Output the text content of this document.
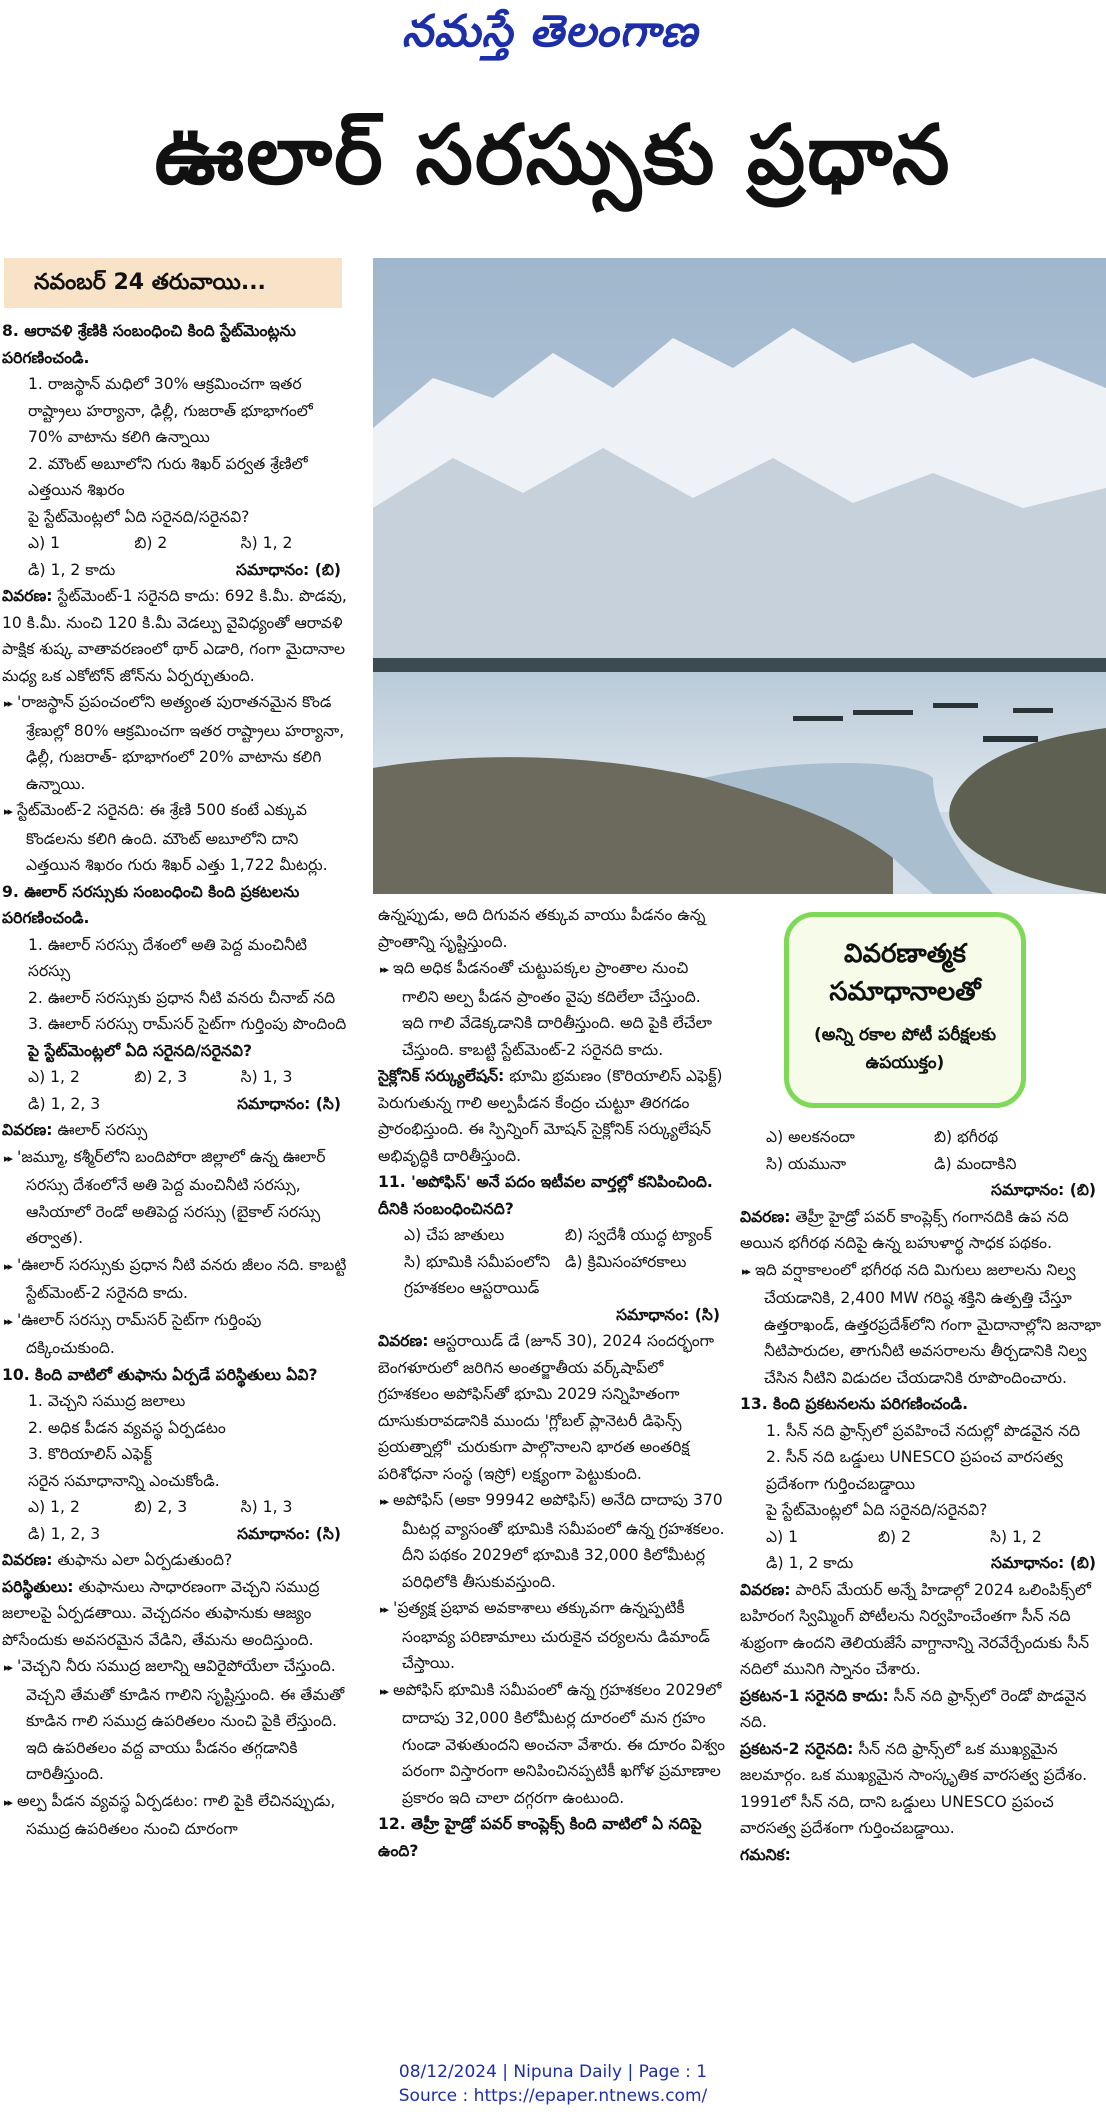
నమస్తే తెలంగాణ
ఊలార్ సరస్సుకు ప్రధాన
నవంబర్ 24 తరువాయి...

8. ఆరావళి శ్రేణికి సంబంధించి కింది స్టేట్‌మెంట్లను పరిగణించండి.

1. రాజస్థాన్ మధిలో 30% ఆక్రమించగా ఇతర రాష్ట్రాలు హర్యానా, ఢిల్లీ, గుజరాత్ భూభాగంలో 70% వాటాను కలిగి ఉన్నాయి

2. మౌంట్ అబూలోని గురు శిఖర్ పర్వత శ్రేణిలో ఎత్తయిన శిఖరం

పై స్టేట్‌మెంట్లలో ఏది సరైనది/సరైనవి?

ఎ) 1	బి) 2	సి) 1, 2
డి) 1, 2 కాదు	సమాధానం: (బి)

వివరణ: స్టేట్‌మెంట్-1 సరైనది కాదు: 692 కి.మీ. పొడవు, 10 కి.మీ. నుంచి 120 కి.మీ వెడల్పు వైవిధ్యంతో ఆరావళి పాక్షిక శుష్క వాతావరణంలో థార్ ఎడారి, గంగా మైదానాల మధ్య ఒక ఎకోటోన్ జోన్‌ను ఏర్పర్చుతుంది.

▸▸ 'రాజస్థాన్ ప్రపంచంలోని అత్యంత పురాతనమైన కొండ శ్రేణుల్లో 80% ఆక్రమించగా ఇతర రాష్ట్రాలు హర్యానా, ఢిల్లీ, గుజరాత్- భూభాగంలో 20% వాటాను కలిగి ఉన్నాయి.

▸▸ స్టేట్‌మెంట్-2 సరైనది: ఈ శ్రేణి 500 కంటే ఎక్కువ కొండలను కలిగి ఉంది. మౌంట్ అబూలోని దాని ఎత్తయిన శిఖరం గురు శిఖర్ ఎత్తు 1,722 మీటర్లు.

9. ఊలార్ సరస్సుకు సంబంధించి కింది ప్రకటలను పరిగణించండి.

1. ఊలార్ సరస్సు దేశంలో అతి పెద్ద మంచినీటి సరస్సు

2. ఊలార్ సరస్సుకు ప్రధాన నీటి వనరు చీనాబ్ నది

3. ఊలార్ సరస్సు రామ్‌సర్ సైట్‌గా గుర్తింపు పొందింది

పై స్టేట్‌మెంట్లలో ఏది సరైనది/సరైనవి?

ఎ) 1, 2	బి) 2, 3	సి) 1, 3
డి) 1, 2, 3	సమాధానం: (సి)

వివరణ: ఊలార్ సరస్సు

▸▸ 'జమ్మూ, కశ్మీర్‌లోని బందిపోరా జిల్లాలో ఉన్న ఊలార్ సరస్సు దేశంలోనే అతి పెద్ద మంచినీటి సరస్సు, ఆసియాలో రెండో అతిపెద్ద సరస్సు (బైకాల్ సరస్సు తర్వాత).

▸▸ 'ఊలార్ సరస్సుకు ప్రధాన నీటి వనరు జీలం నది. కాబట్టి స్టేట్‌మెంట్-2 సరైనది కాదు.

▸▸ 'ఊలార్ సరస్సు రామ్‌సర్ సైట్‌గా గుర్తింపు దక్కించుకుంది.

10. కింది వాటిలో తుఫాను ఏర్పడే పరిస్థితులు ఏవి?

1. వెచ్చని సముద్ర జలాలు

2. అధిక పీడన వ్యవస్థ ఏర్పడటం

3. కొరియాలిస్ ఎఫెక్ట్

సరైన సమాధానాన్ని ఎంచుకోండి.

ఎ) 1, 2	బి) 2, 3	సి) 1, 3
డి) 1, 2, 3	సమాధానం: (సి)

వివరణ: తుఫాను ఎలా ఏర్పడుతుంది?

పరిస్థితులు: తుఫానులు సాధారణంగా వెచ్చని సముద్ర జలాలపై ఏర్పడతాయి. వెచ్చదనం తుఫానుకు ఆజ్యం పోసేందుకు అవసరమైన వేడిని, తేమను అందిస్తుంది.

▸▸ 'వెచ్చని నీరు సముద్ర జలాన్ని ఆవిరైపోయేలా చేస్తుంది. వెచ్చని తేమతో కూడిన గాలిని సృష్టిస్తుంది. ఈ తేమతో కూడిన గాలి సముద్ర ఉపరితలం నుంచి పైకి లేస్తుంది. ఇది ఉపరితలం వద్ద వాయు పీడనం తగ్గడానికి దారితీస్తుంది.

▸▸ అల్ప పీడన వ్యవస్థ ఏర్పడటం: గాలి పైకి లేచినప్పుడు, సముద్ర ఉపరితలం నుంచి దూరంగా

ఉన్నప్పుడు, అది దిగువన తక్కువ వాయు పీడనం ఉన్న ప్రాంతాన్ని సృష్టిస్తుంది.

▸▸ ఇది అధిక పీడనంతో చుట్టుపక్కల ప్రాంతాల నుంచి గాలిని అల్ప పీడన ప్రాంతం వైపు కదిలేలా చేస్తుంది. ఇది గాలి వేడెక్కడానికి దారితీస్తుంది. అది పైకి లేచేలా చేస్తుంది. కాబట్టి స్టేట్‌మెంట్-2 సరైనది కాదు.

సైక్లోనిక్ సర్క్యులేషన్: భూమి భ్రమణం (కొరియాలిస్ ఎఫెక్ట్) పెరుగుతున్న గాలి అల్పపీడన కేంద్రం చుట్టూ తిరగడం ప్రారంభిస్తుంది. ఈ స్పిన్నింగ్ మోషన్ సైక్లోనిక్ సర్క్యులేషన్ అభివృద్ధికి దారితీస్తుంది.

11. 'అపోఫిస్' అనే పదం ఇటీవల వార్తల్లో కనిపించింది. దీనికి సంబంధించినది?

ఎ) చేప జాతులు	బి) స్వదేశీ యుద్ధ ట్యాంక్
సి) భూమికి సమీపంలోని గ్రహశకలం ఆస్టరాయిడ్
డి) క్రిమిసంహారకాలు
సమాధానం: (సి)

వివరణ: ఆస్టరాయిడ్ డే (జూన్ 30), 2024 సందర్భంగా బెంగళూరులో జరిగిన అంతర్జాతీయ వర్క్‌షాప్‌లో గ్రహశకలం అపోఫిస్‌తో భూమి 2029 సన్నిహితంగా దూసుకురావడానికి ముందు 'గ్లోబల్ ప్లానెటరీ డిఫెన్స్ ప్రయత్నాల్లో' చురుకుగా పాల్గొనాలని భారత అంతరిక్ష పరిశోధనా సంస్థ (ఇస్రో) లక్ష్యంగా పెట్టుకుంది.

▸▸ అపోఫిస్ (అకా 99942 అపోఫిస్) అనేది దాదాపు 370 మీటర్ల వ్యాసంతో భూమికి సమీపంలో ఉన్న గ్రహశకలం. దీని పథకం 2029లో భూమికి 32,000 కిలోమీటర్ల పరిధిలోకి తీసుకువస్తుంది.

▸▸ 'ప్రత్యక్ష ప్రభావ అవకాశాలు తక్కువగా ఉన్నప్పటికీ సంభావ్య పరిణామాలు చురుకైన చర్యలను డిమాండ్ చేస్తాయి.

▸▸ అపోఫిస్ భూమికి సమీపంలో ఉన్న గ్రహశకలం 2029లో దాదాపు 32,000 కిలోమీటర్ల దూరంలో మన గ్రహం గుండా వెళుతుందని అంచనా వేశారు. ఈ దూరం విశ్వం పరంగా విస్తారంగా అనిపించినప్పటికీ ఖగోళ ప్రమాణాల ప్రకారం ఇది చాలా దగ్గరగా ఉంటుంది.

12. తెహ్రీ హైడ్రో పవర్ కాంప్లెక్స్ కింది వాటిలో ఏ నదిపై ఉంది?

వివరణాత్మక
సమాధానాలతో
(అన్ని రకాల పోటీ పరీక్షలకు ఉపయుక్తం)
ఎ) అలకనందా	బి) భగీరథ
సి) యమునా	డి) మందాకిని
సమాధానం: (బి)

వివరణ: తెహ్రీ హైడ్రో పవర్ కాంప్లెక్స్ గంగానదికి ఉప నది అయిన భగీరథ నదిపై ఉన్న బహుళార్థ సాధక పథకం.

▸▸ ఇది వర్షాకాలంలో భగీరథ నది మిగులు జలాలను నిల్వ చేయడానికి, 2,400 MW గరిష్ఠ శక్తిని ఉత్పత్తి చేస్తూ ఉత్తరాఖండ్, ఉత్తరప్రదేశ్‌లోని గంగా మైదానాల్లోని జనాభా నీటిపారుదల, తాగునీటి అవసరాలను తీర్చడానికి నిల్వ చేసిన నీటిని విడుదల చేయడానికి రూపొందించారు.

13. కింది ప్రకటనలను పరిగణించండి.

1. సీన్ నది ఫ్రాన్స్‌లో ప్రవహించే నదుల్లో పొడవైన నది

2. సీన్ నది ఒడ్డులు UNESCO ప్రపంచ వారసత్వ ప్రదేశంగా గుర్తించబడ్డాయి

పై స్టేట్‌మెంట్లలో ఏది సరైనది/సరైనవి?

ఎ) 1	బి) 2	సి) 1, 2
డి) 1, 2 కాదు	సమాధానం: (బి)

వివరణ: పారిస్ మేయర్ అన్నే హిడాల్గో 2024 ఒలింపిక్స్‌లో బహిరంగ స్విమ్మింగ్ పోటీలను నిర్వహించేంతగా సీన్ నది శుభ్రంగా ఉందని తెలియజేసే వాగ్దానాన్ని నెరవేర్చేందుకు సీన్ నదిలో మునిగి స్నానం చేశారు.

ప్రకటన-1 సరైనది కాదు: సీన్ నది ఫ్రాన్స్‌లో రెండో పొడవైన నది.

ప్రకటన-2 సరైనది: సీన్ నది ఫ్రాన్స్‌లో ఒక ముఖ్యమైన జలమార్గం. ఒక ముఖ్యమైన సాంస్కృతిక వారసత్వ ప్రదేశం. 1991లో సీన్ నది, దాని ఒడ్డులు UNESCO ప్రపంచ వారసత్వ ప్రదేశంగా గుర్తించబడ్డాయి.

గమనిక:

08/12/2024 | Nipuna Daily | Page : 1
Source : https://epaper.ntnews.com/
